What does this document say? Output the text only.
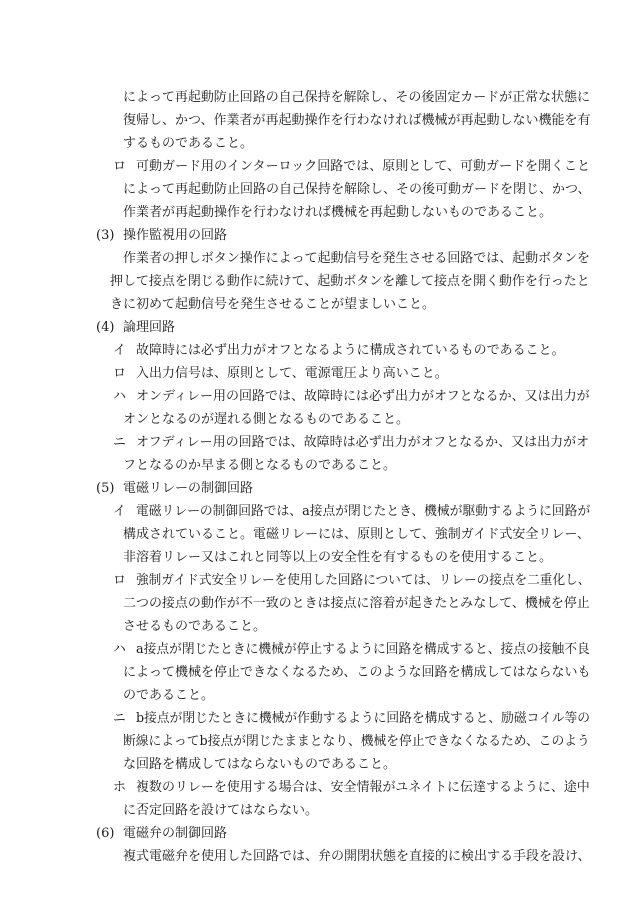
によって再起動防止回路の自己保持を解除し、その後固定カードが正常な状態に
復帰し、かつ、作業者が再起動操作を行わなければ機械が再起動しない機能を有
するものであること。
ロ 可動ガード用のインターロック回路では、原則として、可動ガードを開くこと
によって再起動防止回路の自己保持を解除し、その後可動ガードを閉じ、かつ、
作業者が再起動操作を行わなければ機械を再起動しないものであること。
(3) 操作監視用の回路
作業者の押しボタン操作によって起動信号を発生させる回路では、起動ボタンを
押して接点を閉じる動作に続けて、起動ボタンを離して接点を開く動作を行ったと
きに初めて起動信号を発生させることが望ましいこと。
(4) 論理回路
イ 故障時には必ず出力がオフとなるように構成されているものであること。
ロ 入出力信号は、原則として、電源電圧より高いこと。
ハ オンディレー用の回路では、故障時には必ず出力がオフとなるか、又は出力が
オンとなるのが遅れる側となるものであること。
ニ オフディレー用の回路では、故障時は必ず出力がオフとなるか、又は出力がオ
フとなるのか早まる側となるものであること。
(5) 電磁リレーの制御回路
イ 電磁リレーの制御回路では、a接点が閉じたとき、機械が駆動するように回路が
構成されていること。電磁リレーには、原則として、強制ガイド式安全リレー、
非溶着リレー又はこれと同等以上の安全性を有するものを使用すること。
ロ 強制ガイド式安全リレーを使用した回路については、リレーの接点を二重化し、
二つの接点の動作が不一致のときは接点に溶着が起きたとみなして、機械を停止
させるものであること。
ハ a接点が閉じたときに機械が停止するように回路を構成すると、接点の接触不良
によって機械を停止できなくなるため、このような回路を構成してはならないも
のであること。
ニ b接点が閉じたときに機械が作動するように回路を構成すると、励磁コイル等の
断線によってb接点が閉じたままとなり、機械を停止できなくなるため、このよう
な回路を構成してはならないものであること。
ホ 複数のリレーを使用する場合は、安全情報がユネイトに伝達するように、途中
に否定回路を設けてはならない。
(6) 電磁弁の制御回路
複式電磁弁を使用した回路では、弁の開閉状態を直接的に検出する手段を設け、
